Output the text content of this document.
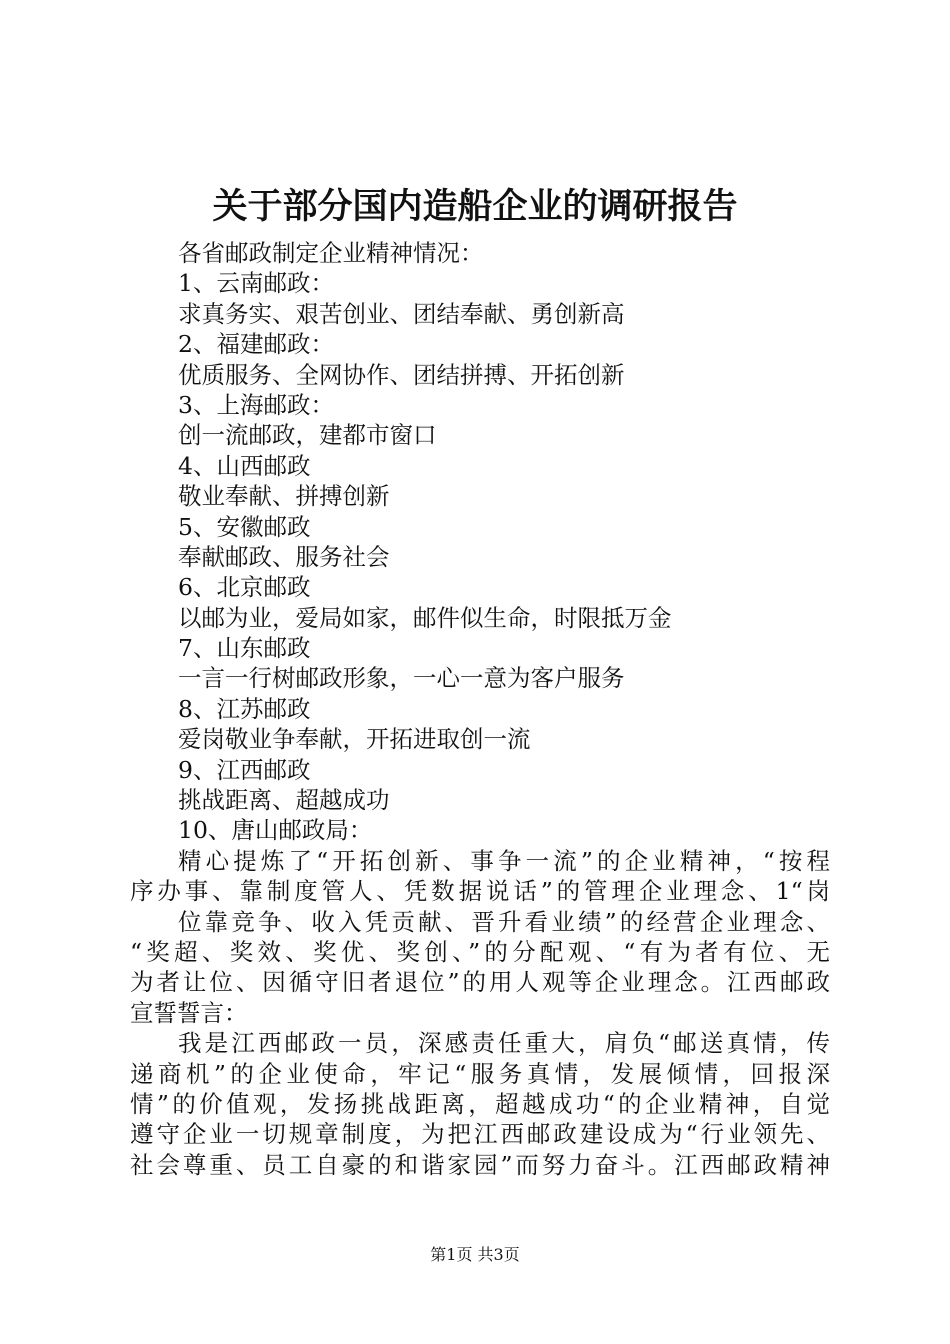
关于部分国内造船企业的调研报告
各省邮政制定企业精神情况：
1、云南邮政：
求真务实、艰苦创业、团结奉献、勇创新高
2、福建邮政：
优质服务、全网协作、团结拼搏、开拓创新
3、上海邮政：
创一流邮政，建都市窗口
4、山西邮政
敬业奉献、拼搏创新
5、安徽邮政
奉献邮政、服务社会
6、北京邮政
以邮为业，爱局如家，邮件似生命，时限抵万金
7、山东邮政
一言一行树邮政形象，一心一意为客户服务
8、江苏邮政
爱岗敬业争奉献，开拓进取创一流
9、江西邮政
挑战距离、超越成功
10、唐山邮政局：
精心提炼了“开拓创新、事争一流”的企业精神，“按程
序办事、靠制度管人、凭数据说话”的管理企业理念、1“岗
位靠竞争、收入凭贡献、晋升看业绩”的经营企业理念、
“奖超、奖效、奖优、奖创、”的分配观、“有为者有位、无
为者让位、因循守旧者退位”的用人观等企业理念。江西邮政
宣誓誓言：
我是江西邮政一员，深感责任重大，肩负“邮送真情，传
递商机”的企业使命，牢记“服务真情，发展倾情，回报深
情”的价值观，发扬挑战距离，超越成功“的企业精神，自觉
遵守企业一切规章制度，为把江西邮政建设成为“行业领先、
社会尊重、员工自豪的和谐家园”而努力奋斗。江西邮政精神
第1页 共3页
